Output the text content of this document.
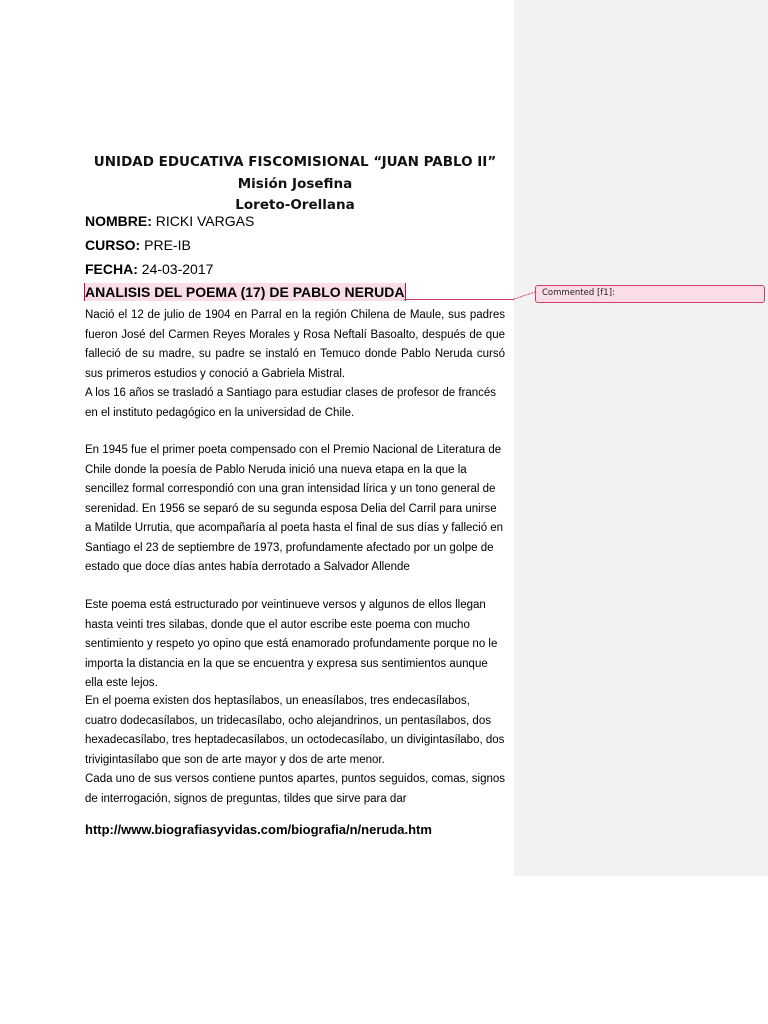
UNIDAD EDUCATIVA FISCOMISIONAL “JUAN PABLO II”
Misión Josefina
Loreto-Orellana
NOMBRE: RICKI VARGAS
CURSO: PRE-IB
FECHA: 24-03-2017
ANALISIS DEL POEMA (17) DE PABLO NERUDA	Commented [f1]:

Nació el 12 de julio de 1904 en Parral en la región Chilena de Maule, sus padres fueron José del Carmen Reyes Morales y Rosa Neftalí Basoalto, después de que falleció de su madre, su padre se instaló en Temuco donde Pablo Neruda cursó sus primeros estudios y conoció a Gabriela Mistral.

A los 16 años se trasladó a Santiago para estudiar clases de profesor de francés en el instituto pedagógico en la universidad de Chile.

En 1945 fue el primer poeta compensado con el Premio Nacional de Literatura de Chile donde la poesía de Pablo Neruda inició una nueva etapa en la que la sencillez formal correspondió con una gran intensidad lírica y un tono general de serenidad. En 1956 se separó de su segunda esposa Delia del Carril para unirse a Matilde Urrutia, que acompañaría al poeta hasta el final de sus días y falleció en Santiago el 23 de septiembre de 1973, profundamente afectado por un golpe de estado que doce días antes había derrotado a Salvador Allende

Este poema está estructurado por veintinueve versos y algunos de ellos llegan hasta veinti tres silabas, donde que el autor escribe este poema con mucho sentimiento y respeto yo opino que está enamorado profundamente porque no le importa la distancia en la que se encuentra y expresa sus sentimientos aunque ella este lejos.

En el poema existen dos heptasílabos, un eneasílabos, tres endecasílabos, cuatro dodecasílabos, un tridecasílabo, ocho alejandrinos, un pentasílabos, dos hexadecasílabo, tres heptadecasílabos, un octodecasílabo, un divigintasílabo, dos trivigintasílabo que son de arte mayor y dos de arte menor.

Cada uno de sus versos contiene puntos apartes, puntos seguidos, comas, signos de interrogación, signos de preguntas, tildes que sirve para dar

http://www.biografiasyvidas.com/biografia/n/neruda.htm
